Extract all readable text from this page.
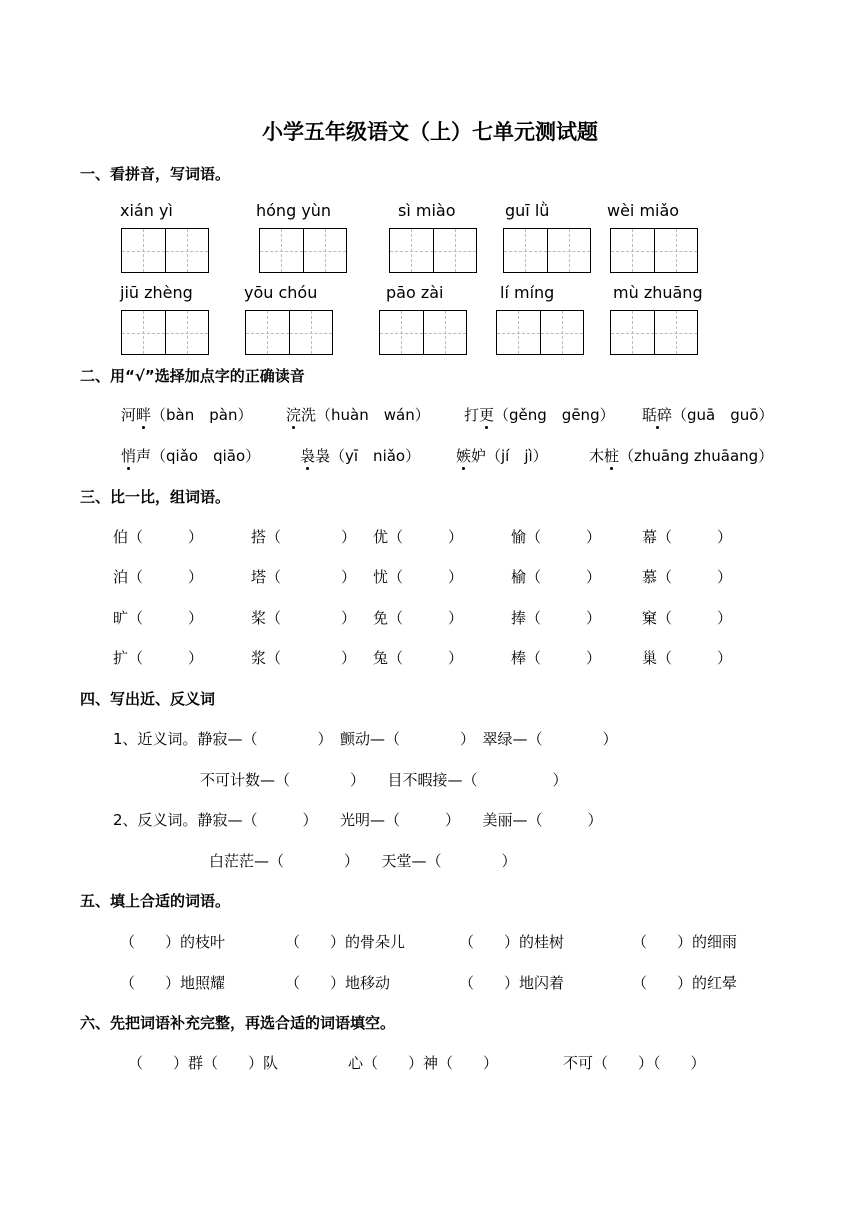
小学五年级语文（上）七单元测试题
一、看拼音，写词语。
xián yì	hóng yùn	sì miào	guī lǜ	wèi miǎo
jiū zhèng	yōu chóu	pāo zài	lí míng	mù zhuāng
二、用“√”选择加点字的正确读音
河畔（bàn　pàn） 浣洗（huàn　wán） 打更（gěng　gēng） 聒碎（guā　guō）
悄声（qiǎo　qiāo）	袅袅（yī　niǎo） 嫉妒（jí　jì）	木桩（zhuāng zhuāang）
三、比一比，组词语。
伯（　　　）	搭（　　　　） 优（　　　）	愉（　　　）	幕（　　　）
泊（　　　）	塔（　　　　） 忧（　　　）	榆（　　　）	慕（　　　）
旷（　　　）	桨（　　　　） 免（　　　）	捧（　　　）	窠（　　　）
扩（　　　）	浆（　　　　） 兔（　　　）	棒（　　　）	巢（　　　）
四、写出近、反义词
1、近义词。静寂—（　　　　）　颤动—（　　　　）　翠绿—（　　　　）
不可计数—（　　　　）　　目不暇接—（　　　　　）
2、反义词。静寂—（　　　）　　光明—（　　　）　　美丽—（　　　）
白茫茫—（　　　　）　　天堂—（　　　　）
五、填上合适的词语。
（　　）的枝叶	（　　）的骨朵儿	（　　）的桂树	（　　）的细雨
（　　）地照耀	（　　）地移动	（　　）地闪着	（　　）的红晕
六、先把词语补充完整，再选合适的词语填空。
（　　）群（　　）队	心（　　）神（　　）	不可（　　）（　　）
